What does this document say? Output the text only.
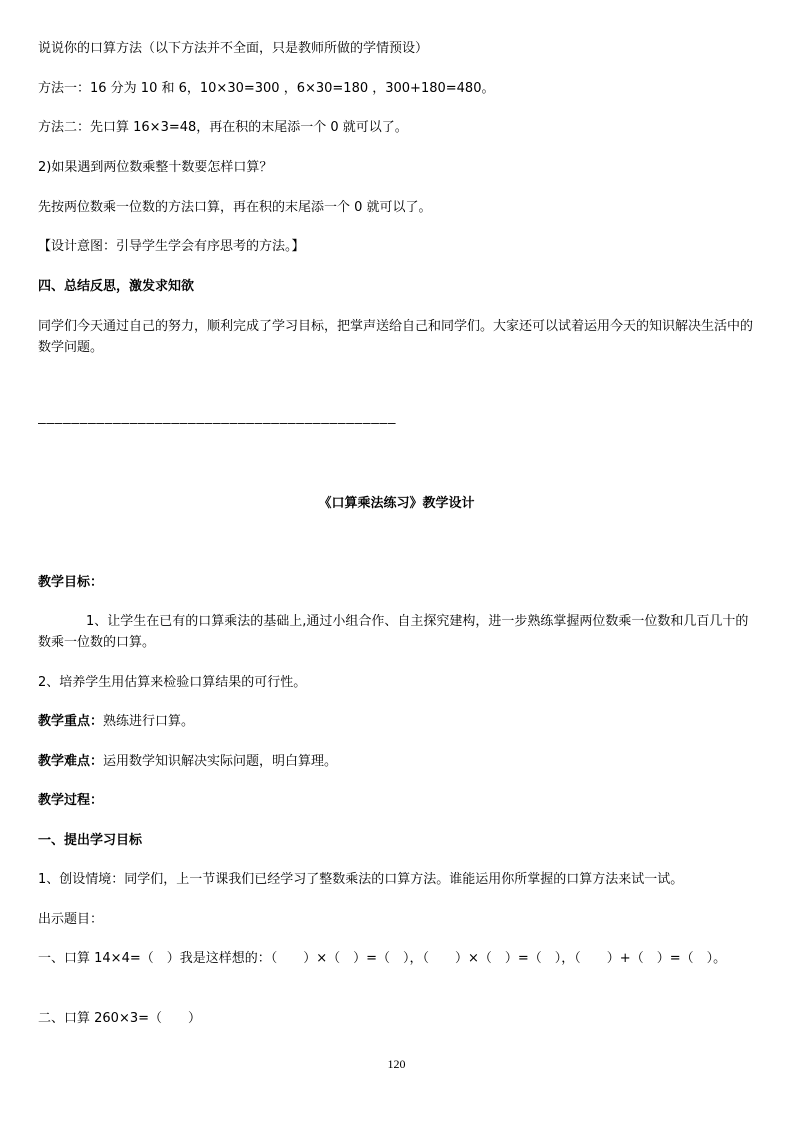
说说你的口算方法（以下方法并不全面，只是教师所做的学情预设）
方法一：16 分为 10 和 6，10×30=300 ，6×30=180 ，300+180=480。
方法二：先口算 16×3=48，再在积的末尾添一个 0 就可以了。
2)如果遇到两位数乘整十数要怎样口算？
先按两位数乘一位数的方法口算，再在积的末尾添一个 0 就可以了。
【设计意图：引导学生学会有序思考的方法。】
四、总结反思，激发求知欲
同学们今天通过自己的努力，顺利完成了学习目标，把掌声送给自己和同学们。大家还可以试着运用今天的知识解决生活中的数学问题。
———————————————————————————————————————————
《口算乘法练习》教学设计
教学目标：
1、让学生在已有的口算乘法的基础上,通过小组合作、自主探究建构，进一步熟练掌握两位数乘一位数和几百几十的数乘一位数的口算。
2、培养学生用估算来检验口算结果的可行性。
教学重点：熟练进行口算。
教学难点：运用数学知识解决实际问题，明白算理。
教学过程：
一、提出学习目标
1、创设情境：同学们，上一节课我们已经学习了整数乘法的口算方法。谁能运用你所掌握的口算方法来试一试。
出示题目：
一、口算 14×4=（　）我是这样想的：（　　）×（　）=（　），（　　）×（　）=（　），（　　）+（　）=（　）。
二、口算 260×3=（　　）
120
